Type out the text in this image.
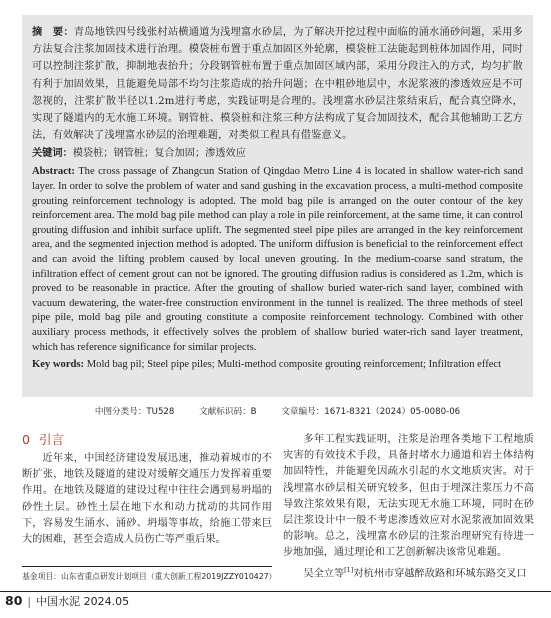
摘　要：青岛地铁四号线张村站横通道为浅埋富水砂层，为了解决开挖过程中面临的涌水涌砂问题，采用多方法复合注浆加固技术进行治理。模袋桩布置于重点加固区外轮廓，模袋桩工法能起到桩体加固作用，同时可以控制注浆扩散，抑制地表抬升；分段钢管桩布置于重点加固区域内部，采用分段注入的方式，均匀扩散有利于加固效果，且能避免局部不均匀注浆造成的抬升问题；在中粗砂地层中，水泥浆液的渗透效应是不可忽视的，注浆扩散半径以1.2m进行考虑，实践证明是合理的。浅埋富水砂层注浆结束后，配合真空降水，实现了隧道内的无水施工环境。钢管桩、模袋桩和注浆三种方法构成了复合加固技术，配合其他辅助工艺方法，有效解决了浅埋富水砂层的治理难题，对类似工程具有借鉴意义。

关键词：模袋桩；钢管桩；复合加固；渗透效应

Abstract: The cross passage of Zhangcun Station of Qingdao Metro Line 4 is located in shallow water-rich sand layer. In order to solve the problem of water and sand gushing in the excavation process, a multi-method composite grouting reinforcement technology is adopted. The mold bag pile is arranged on the outer contour of the key reinforcement area. The mold bag pile method can play a role in pile reinforcement, at the same time, it can control grouting diffusion and inhibit surface uplift. The segmented steel pipe piles are arranged in the key reinforcement area, and the segmented injection method is adopted. The uniform diffusion is beneficial to the reinforcement effect and can avoid the lifting problem caused by local uneven grouting. In the medium-coarse sand stratum, the infiltration effect of cement grout can not be ignored. The grouting diffusion radius is considered as 1.2m, which is proved to be reasonable in practice. After the grouting of shallow buried water-rich sand layer, combined with vacuum dewatering, the water-free construction environment in the tunnel is realized. The three methods of steel pipe pile, mold bag pile and grouting constitute a composite reinforcement technology. Combined with other auxiliary process methods, it effectively solves the problem of shallow buried water-rich sand layer treatment, which has reference significance for similar projects.

Key words: Mold bag pil; Steel pipe piles; Multi-method composite grouting reinforcement; Infiltration effect

中图分类号：TU528	文献标识码：B	文章编号：1671-8321（2024）05-0080-06
0 引言

近年来，中国经济建设发展迅速，推动着城市的不断扩张，地铁及隧道的建设对缓解交通压力发挥着重要作用。在地铁及隧道的建设过程中往往会遇到易坍塌的砂性土层。砂性土层在地下水和动力扰动的共同作用下，容易发生涌水、涌砂、坍塌等事故，给施工带来巨大的困难，甚至会造成人员伤亡等严重后果。

多年工程实践证明，注浆是治理各类地下工程地质灾害的有效技术手段，具备封堵水力通道和岩土体结构加固特性，并能避免因疏水引起的水文地质灾害。对于浅埋富水砂层相关研究较多，但由于埋深注浆压力不高导致注浆效果有限，无法实现无水施工环境，同时在砂层注浆设计中一般不考虑渗透效应对水泥浆液加固效果的影响。总之，浅埋富水砂层的注浆治理研究有待进一步地加强，通过理论和工艺创新解决该常见难题。

吴全立等[1]对杭州市穿越醉敌路和环城东路交叉口

基金项目：山东省重点研发计划项目（重大创新工程2019JZZY010427）
80 | 中国水泥 2024.05
